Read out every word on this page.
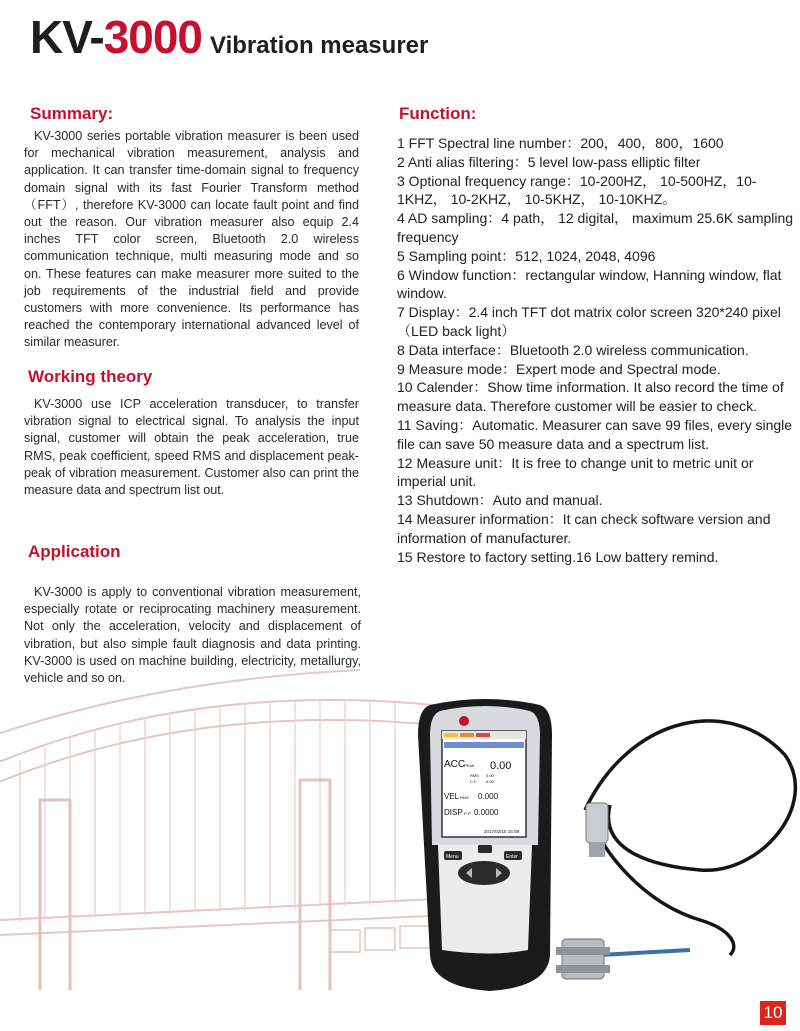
KV- 3000 Vibration measurer
Summary:
KV-3000 series portable vibration measurer is been used for mechanical vibration measurement, analysis and application. It can transfer time-domain signal to frequency domain signal with its fast Fourier Transform method（FFT）, therefore KV-3000 can locate fault point and find out the reason. Our vibration measurer also equip 2.4 inches TFT color screen, Bluetooth 2.0 wireless communication technique, multi measuring mode and so on. These features can make measurer more suited to the job requirements of the industrial field and provide customers with more convenience. Its performance has reached the contemporary international advanced level of similar measurer.
Working theory
KV-3000 use ICP acceleration transducer, to transfer vibration signal to electrical signal. To analysis the input signal, customer will obtain the peak acceleration, true RMS, peak coefficient, speed RMS and displacement peak-peak of vibration measurement. Customer also can print the measure data and spectrum list out.
Application
KV-3000 is apply to conventional vibration measurement, especially rotate or reciprocating machinery measurement. Not only the acceleration, velocity and displacement of vibration, but also simple fault diagnosis and data printing. KV-3000 is used on machine building, electricity, metallurgy, vehicle and so on.
Function:

1 FFT Spectral line number：200，400，800，1600

2 Anti alias filtering：5 level low-pass elliptic filter

3 Optional frequency range：10-200HZ， 10-500HZ，10-1KHZ， 10-2KHZ， 10-5KHZ， 10-10KHZ。

4 AD sampling：4 path， 12 digital， maximum 25.6K sampling frequency

5 Sampling point：512, 1024, 2048, 4096

6 Window function：rectangular window, Hanning window, flat window.

7 Display：2.4 inch TFT dot matrix color screen 320*240 pixel（LED back light）

8 Data interface：Bluetooth 2.0 wireless communication.

9 Measure mode：Expert mode and Spectral mode.

10 Calender：Show time information. It also record the time of measure data. Therefore customer will be easier to check.

11 Saving：Automatic. Measurer can save 99 files, every single file can save 50 measure data and a spectrum list.

12 Measure unit：It is free to change unit to metric unit or imperial unit.

13 Shutdown：Auto and manual.

14 Measurer information：It can check software version and information of manufacturer.

15 Restore to factory setting.16 Low battery remind.

ACC
PEAK 0.00
RMS 0.00
C.F. 0.00
VEL RMS 0.000
DISP P-P 0.0000
2017/02/15 16:08
Menu	Enter
10
